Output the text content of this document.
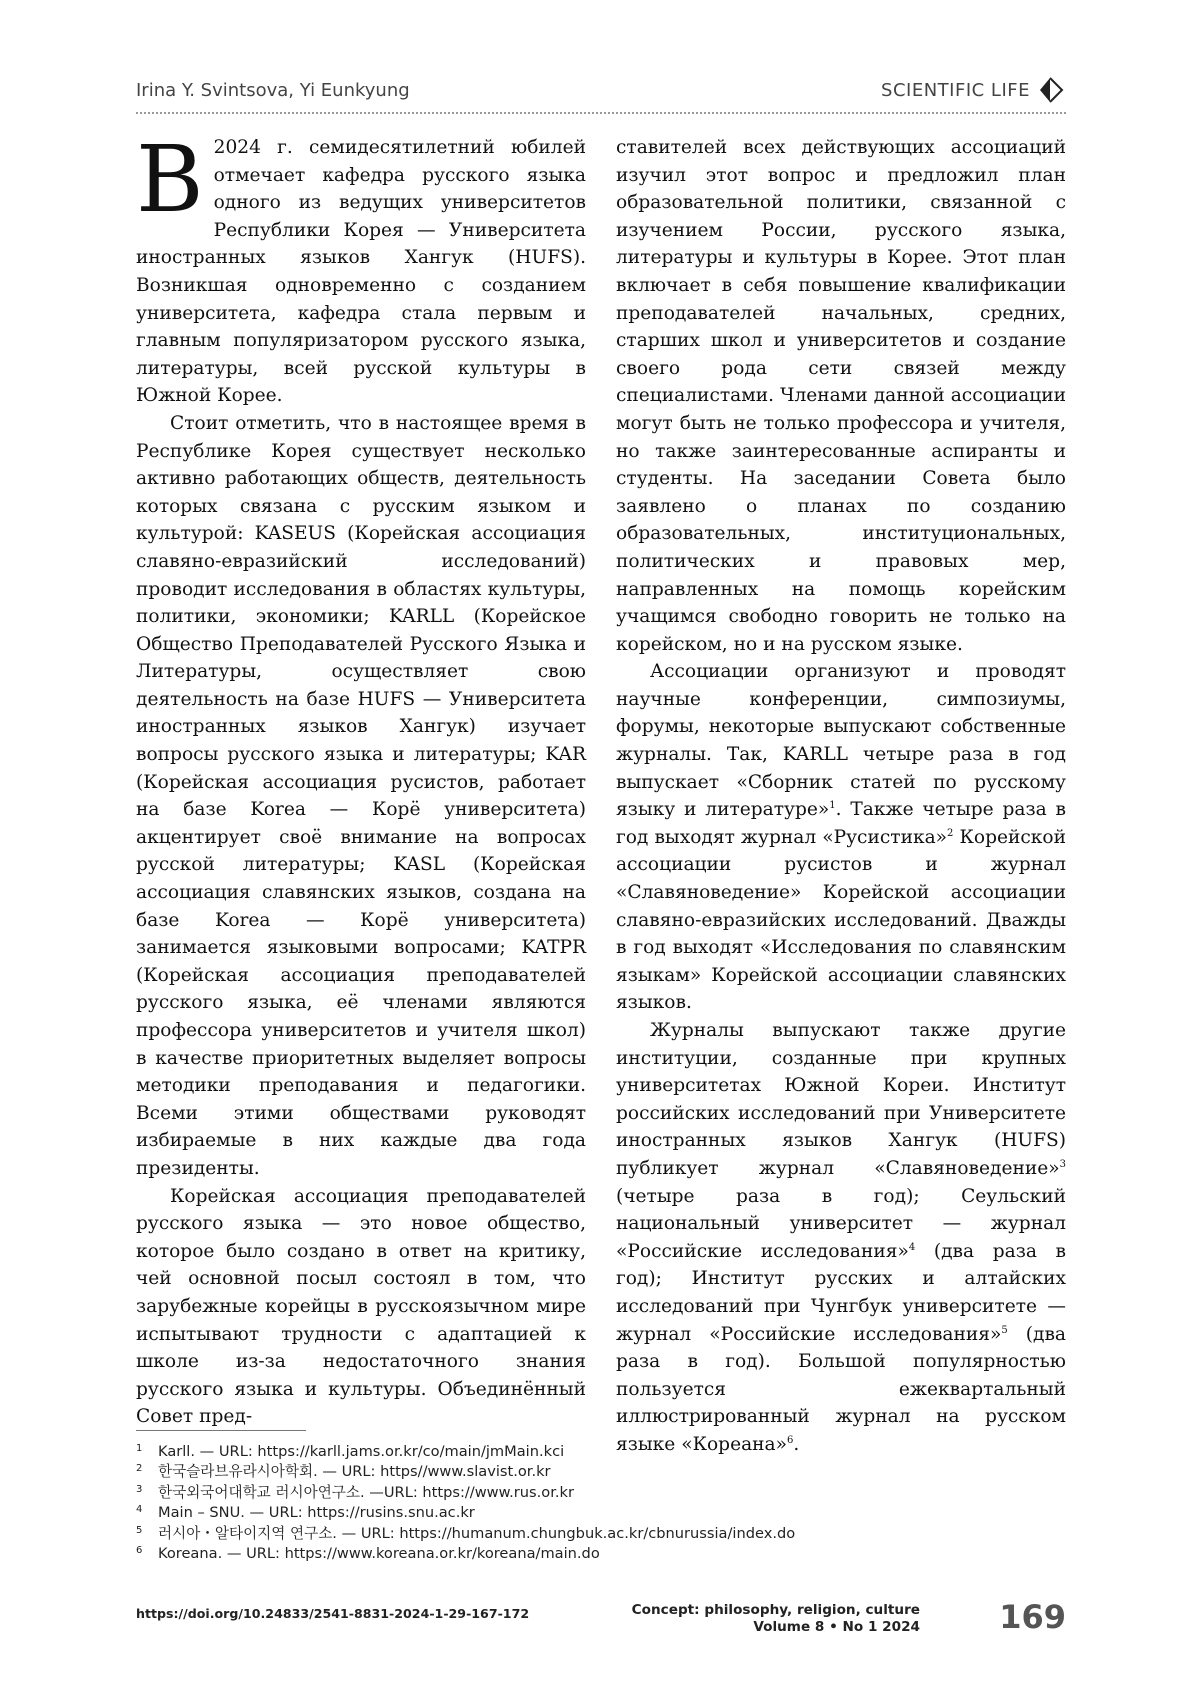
Irina Y. Svintsova, Yi Eunkyung	SCIENTIFIC LIFE

В 2024 г. семидесятилетний юбилей отмечает кафедра русского языка одного из ведущих университетов Республики Корея — Университета иностранных языков Хангук (HUFS). Возникшая одновременно с созданием университета, кафедра стала первым и главным популяризатором русского языка, литературы, всей русской культуры в Южной Корее.

Стоит отметить, что в настоящее время в Республике Корея существует несколько активно работающих обществ, деятельность которых связана с русским языком и культурой: KASEUS (Корейская ассоциация славяно-евразийский исследований) проводит исследования в областях культуры, политики, экономики; KARLL (Корейское Общество Преподавателей Русского Языка и Литературы, осуществляет свою деятельность на базе HUFS — Университета иностранных языков Хангук) изучает вопросы русского языка и литературы; KAR (Корейская ассоциация русистов, работает на базе Korea — Корё университета) акцентирует своё внимание на вопросах русской литературы; KASL (Корейская ассоциация славянских языков, создана на базе Korea — Корё университета) занимается языковыми вопросами; KATPR (Корейская ассоциация преподавателей русского языка, её членами являются профессора университетов и учителя школ) в качестве приоритетных выделяет вопросы методики преподавания и педагогики. Всеми этими обществами руководят избираемые в них каждые два года президенты.

Корейская ассоциация преподавателей русского языка — это новое общество, которое было создано в ответ на критику, чей основной посыл состоял в том, что зарубежные корейцы в русскоязычном мире испытывают трудности с адаптацией к школе из-за недостаточного знания русского языка и культуры. Объединённый Совет пред-

ставителей всех действующих ассоциаций изучил этот вопрос и предложил план образовательной политики, связанной с изучением России, русского языка, литературы и культуры в Корее. Этот план включает в себя повышение квалификации преподавателей начальных, средних, старших школ и университетов и создание своего рода сети связей между специалистами. Членами данной ассоциации могут быть не только профессора и учителя, но также заинтересованные аспиранты и студенты. На заседании Совета было заявлено о планах по созданию образовательных, институциональных, политических и правовых мер, направленных на помощь корейским учащимся свободно говорить не только на корейском, но и на русском языке.

Ассоциации организуют и проводят научные конференции, симпозиумы, форумы, некоторые выпускают собственные журналы. Так, KARLL четыре раза в год выпускает «Сборник статей по русскому языку и литературе»$^1$. Также четыре раза в год выходят журнал «Русистика»$^2$ Корейской ассоциации русистов и журнал «Славяноведение» Корейской ассоциации славяно-евразийских исследований. Дважды в год выходят «Исследования по славянским языкам» Корейской ассоциации славянских языков.

Журналы выпускают также другие институции, созданные при крупных университетах Южной Кореи. Институт российских исследований при Университете иностранных языков Хангук (HUFS) публикует журнал «Славяноведение»$^3$ (четыре раза в год); Сеульский национальный университет — журнал «Российские исследования»$^4$ (два раза в год); Институт русских и алтайских исследований при Чунгбук университете — журнал «Российские исследования»$^5$ (два раза в год). Большой популярностью пользуется ежеквартальный иллюстрированный журнал на русском языке «Кореана»$^6$.

1 Karll. — URL: https://karll.jams.or.kr/co/main/jmMain.kci
2 한국슬라브유라시아학회. — URL: https//www.slavist.or.kr
3 한국외국어대학교 러시아연구소. —URL: https://www.rus.or.kr
4 Main – SNU. — URL: https://rusins.snu.ac.kr
5 러시아・알타이지역 연구소. — URL: https://humanum.chungbuk.ac.kr/cbnurussia/index.do
6 Koreana. — URL: https://www.koreana.or.kr/koreana/main.do
https://doi.org/10.24833/2541-8831-2024-1-29-167-172	Concept: philosophy, religion, culture
Volume 8 • No 1 2024 169
